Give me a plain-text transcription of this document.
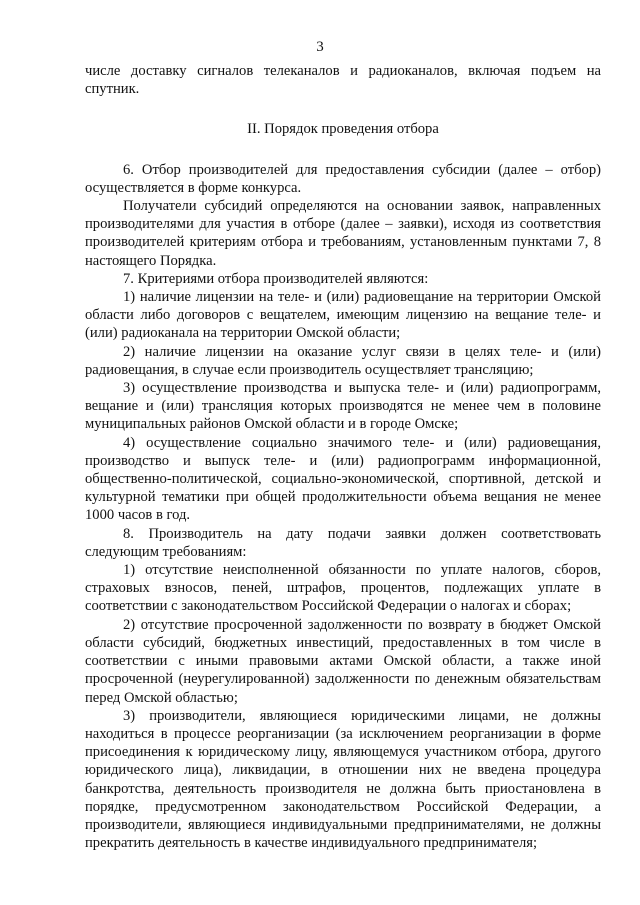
3

числе доставку сигналов телеканалов и радиоканалов, включая подъем на спутник.

II. Порядок проведения отбора

6. Отбор производителей для предоставления субсидии (далее – отбор) осуществляется в форме конкурса.

Получатели субсидий определяются на основании заявок, направленных производителями для участия в отборе (далее – заявки), исходя из соответствия производителей критериям отбора и требованиям, установленным пунктами 7, 8 настоящего Порядка.

7. Критериями отбора производителей являются:

1) наличие лицензии на теле- и (или) радиовещание на территории Омской области либо договоров с вещателем, имеющим лицензию на вещание теле- и (или) радиоканала на территории Омской области;

2) наличие лицензии на оказание услуг связи в целях теле- и (или) радиовещания, в случае если производитель осуществляет трансляцию;

3) осуществление производства и выпуска теле- и (или) радиопрограмм, вещание и (или) трансляция которых производятся не менее чем в половине муниципальных районов Омской области и в городе Омске;

4) осуществление социально значимого теле- и (или) радиовещания, производство и выпуск теле- и (или) радиопрограмм информационной, общественно-политической, социально-экономической, спортивной, детской и культурной тематики при общей продолжительности объема вещания не менее 1000 часов в год.

8. Производитель на дату подачи заявки должен соответствовать следующим требованиям:

1) отсутствие неисполненной обязанности по уплате налогов, сборов, страховых взносов, пеней, штрафов, процентов, подлежащих уплате в соответствии с законодательством Российской Федерации о налогах и сборах;

2) отсутствие просроченной задолженности по возврату в бюджет Омской области субсидий, бюджетных инвестиций, предоставленных в том числе в соответствии с иными правовыми актами Омской области, а также иной просроченной (неурегулированной) задолженности по денежным обязательствам перед Омской областью;

3) производители, являющиеся юридическими лицами, не должны находиться в процессе реорганизации (за исключением реорганизации в форме присоединения к юридическому лицу, являющемуся участником отбора, другого юридического лица), ликвидации, в отношении них не введена процедура банкротства, деятельность производителя не должна быть приостановлена в порядке, предусмотренном законодательством Российской Федерации, а производители, являющиеся индивидуальными предпринимателями, не должны прекратить деятельность в качестве индивидуального предпринимателя;
